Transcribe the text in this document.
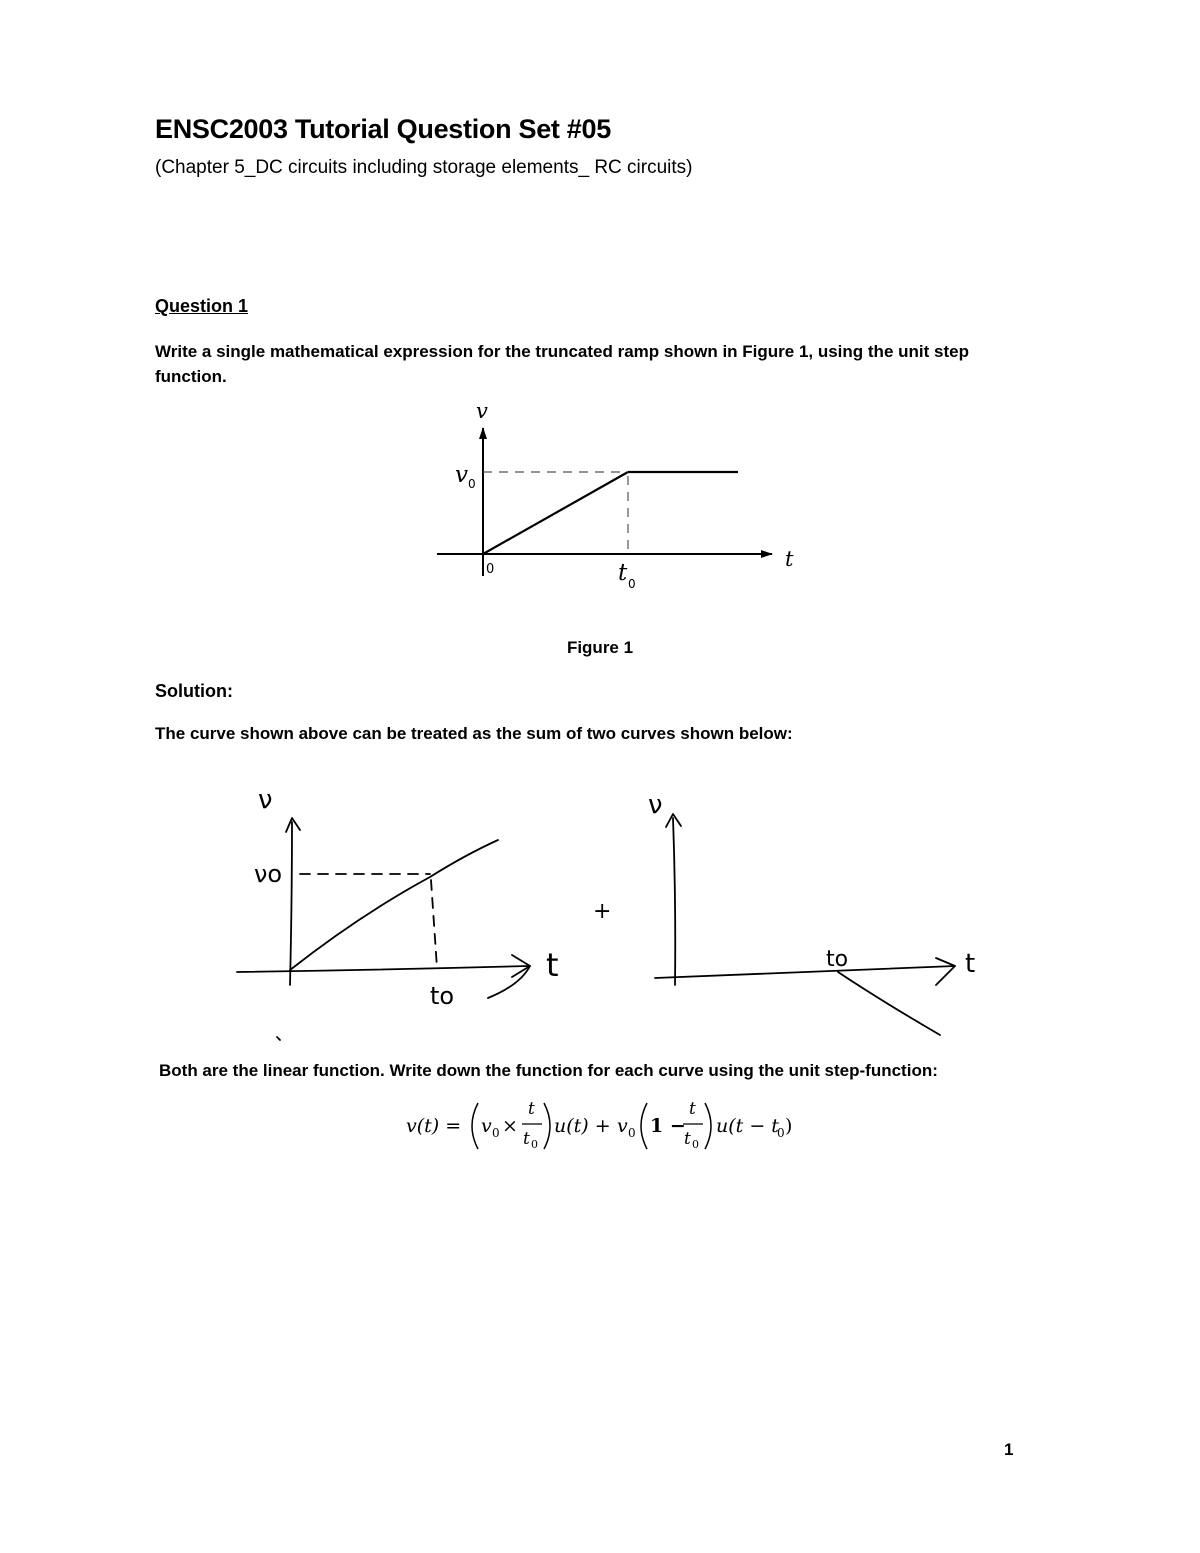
ENSC2003 Tutorial Question Set #05
(Chapter 5_DC circuits including storage elements_ RC circuits)
Question 1
Write a single mathematical expression for the truncated ramp shown in Figure 1, using the unit step function.
v
t
v 0
t 0
0
Figure 1
Solution:
The curve shown above can be treated as the sum of two curves shown below:
ν
νo
t
to
+
ν
to	t
Both are the linear function. Write down the function for each curve using the unit step-function:
v(t) = v 0 ×
t
t 0
u(t) + v 0 1 −
t
t 0
u(t − t
0 )
1
